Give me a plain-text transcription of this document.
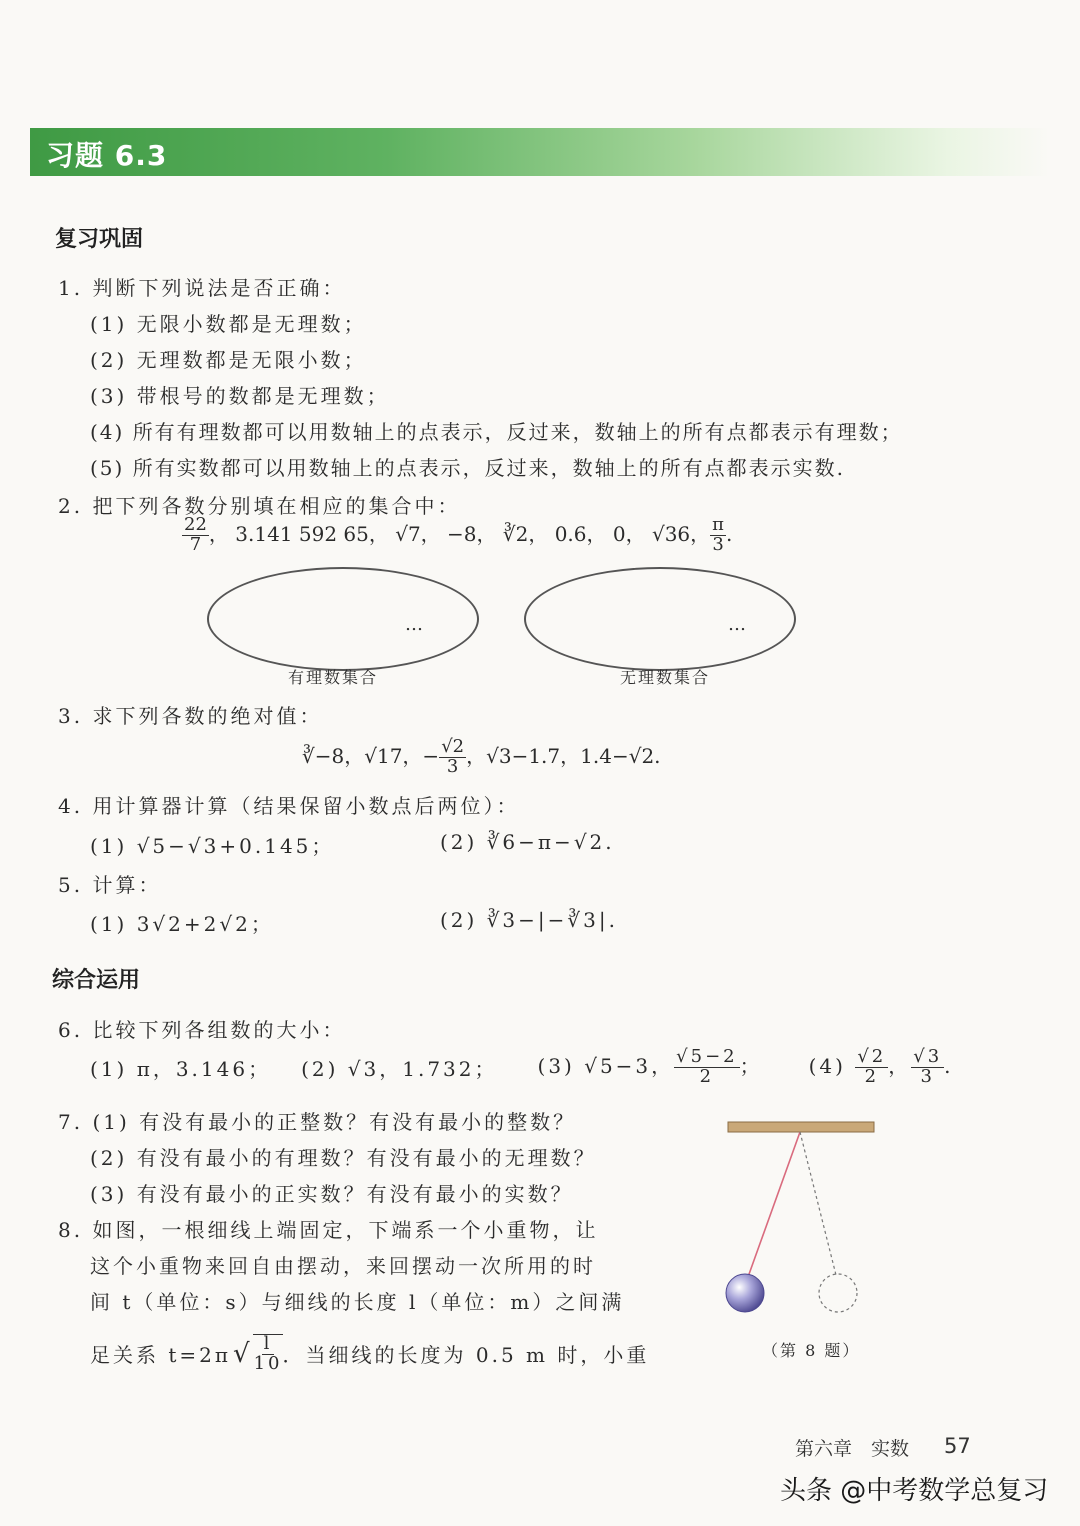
习题 6.3
复习巩固
1. 判断下列说法是否正确：
(1) 无限小数都是无理数；
(2) 无理数都是无限小数；
(3) 带根号的数都是无理数；
(4) 所有有理数都可以用数轴上的点表示，反过来，数轴上的所有点都表示有理数；
(5) 所有实数都可以用数轴上的点表示，反过来，数轴上的所有点都表示实数.
2. 把下列各数分别填在相应的集合中：
$\frac{22}{7}$ ， 3.141 592 65， √7， −8， ∛2， 0.6， 0， √36， $\frac{\pi}{3}$ .
…	…
有理数集合	无理数集合
3. 求下列各数的绝对值：
∛−8，√17，− $\frac{√2}{3}$ ，√3−1.7，1.4−√2.
4. 用计算器计算（结果保留小数点后两位）：
(1) √5−√3+0.145；	(2) ∛6−π−√2.
5. 计算：
(1) 3√2+2√2；	(2) ∛3−|−∛3|.
综合运用
6. 比较下列各组数的大小：
(1) π，3.146； (2) √3，1.732； (3) √5−3， $\frac{√5-2}{2}$ ； $(4) \frac{√2}{2}$ ， $\frac{√3}{3}$ .
7. (1) 有没有最小的正整数？有没有最小的整数？
(2) 有没有最小的有理数？有没有最小的无理数？
(3) 有没有最小的正实数？有没有最小的实数？
8. 如图，一根细线上端固定，下端系一个小重物，让
这个小重物来回自由摆动，来回摆动一次所用的时
间 t（单位：s）与细线的长度 l（单位：m）之间满
足关系 t=2π √ $\frac{l}{10}$ ．当细线的长度为 0.5 m 时，小重	（第 8 题）
第六章　实数 57
头条 @中考数学总复习
